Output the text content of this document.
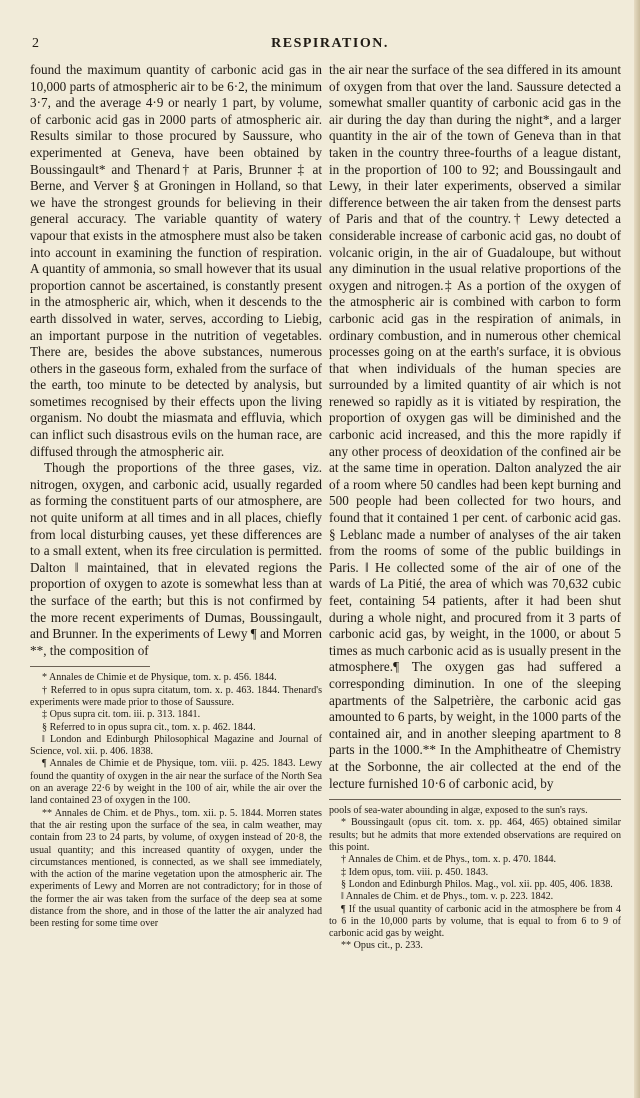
2	RESPIRATION.

found the maximum quantity of carbonic acid gas in 10,000 parts of atmospheric air to be 6·2, the minimum 3·7, and the average 4·9 or nearly 1 part, by volume, of carbonic acid gas in 2000 parts of atmospheric air. Results similar to those procured by Saussure, who experimented at Geneva, have been obtained by Boussingault* and Thenard† at Paris, Brunner ‡ at Berne, and Verver § at Groningen in Holland, so that we have the strongest grounds for believing in their general accuracy. The variable quantity of watery vapour that exists in the atmosphere must also be taken into account in examining the function of respiration. A quantity of ammonia, so small however that its usual proportion cannot be ascertained, is constantly present in the atmospheric air, which, when it descends to the earth dissolved in water, serves, according to Liebig, an important purpose in the nutrition of vegetables. There are, besides the above substances, numerous others in the gaseous form, exhaled from the surface of the earth, too minute to be detected by analysis, but sometimes recognised by their effects upon the living organism. No doubt the miasmata and effluvia, which can inflict such disastrous evils on the human race, are diffused through the atmospheric air.

Though the proportions of the three gases, viz. nitrogen, oxygen, and carbonic acid, usually regarded as forming the constituent parts of our atmosphere, are not quite uniform at all times and in all places, chiefly from local disturbing causes, yet these differences are to a small extent, when its free circulation is permitted. Dalton ‖ maintained, that in elevated regions the proportion of oxygen to azote is somewhat less than at the surface of the earth; but this is not confirmed by the more recent experiments of Dumas, Boussingault, and Brunner. In the experiments of Lewy ¶ and Morren **, the composition of

* Annales de Chimie et de Physique, tom. x. p. 456. 1844.

† Referred to in opus supra citatum, tom. x. p. 463. 1844. Thenard's experiments were made prior to those of Saussure.

‡ Opus supra cit. tom. iii. p. 313. 1841.

§ Referred to in opus supra cit., tom. x. p. 462. 1844.

‖ London and Edinburgh Philosophical Magazine and Journal of Science, vol. xii. p. 406. 1838.

¶ Annales de Chimie et de Physique, tom. viii. p. 425. 1843. Lewy found the quantity of oxygen in the air near the surface of the North Sea on an average 22·6 by weight in the 100 of air, while the air over the land contained 23 of oxygen in the 100.

** Annales de Chim. et de Phys., tom. xii. p. 5. 1844. Morren states that the air resting upon the surface of the sea, in calm weather, may contain from 23 to 24 parts, by volume, of oxygen instead of 20·8, the usual quantity; and this increased quantity of oxygen, under the circumstances mentioned, is connected, as we shall see immediately, with the action of the marine vegetation upon the atmospheric air. The experiments of Lewy and Morren are not contradictory; for in those of the former the air was taken from the surface of the deep sea at some distance from the shore, and in those of the latter the air analyzed had been resting for some time over

the air near the surface of the sea differed in its amount of oxygen from that over the land. Saussure detected a somewhat smaller quantity of carbonic acid gas in the air during the day than during the night*, and a larger quantity in the air of the town of Geneva than in that taken in the country three-fourths of a league distant, in the proportion of 100 to 92; and Boussingault and Lewy, in their later experiments, observed a similar difference between the air taken from the densest parts of Paris and that of the country.† Lewy detected a considerable increase of carbonic acid gas, no doubt of volcanic origin, in the air of Guadaloupe, but without any diminution in the usual relative proportions of the oxygen and nitrogen.‡ As a portion of the oxygen of the atmospheric air is combined with carbon to form carbonic acid gas in the respiration of animals, in ordinary combustion, and in numerous other chemical processes going on at the earth's surface, it is obvious that when individuals of the human species are surrounded by a limited quantity of air which is not renewed so rapidly as it is vitiated by respiration, the proportion of oxygen gas will be diminished and the carbonic acid increased, and this the more rapidly if any other process of deoxidation of the confined air be at the same time in operation. Dalton analyzed the air of a room where 50 candles had been kept burning and 500 people had been collected for two hours, and found that it contained 1 per cent. of carbonic acid gas. § Leblanc made a number of analyses of the air taken from the rooms of some of the public buildings in Paris. ‖ He collected some of the air of one of the wards of La Pitié, the area of which was 70,632 cubic feet, containing 54 patients, after it had been shut during a whole night, and procured from it 3 parts of carbonic acid gas, by weight, in the 1000, or about 5 times as much carbonic acid as is usually present in the atmosphere.¶ The oxygen gas had suffered a corresponding diminution. In one of the sleeping apartments of the Salpetrière, the carbonic acid gas amounted to 6 parts, by weight, in the 1000 parts of the contained air, and in another sleeping apartment to 8 parts in the 1000.** In the Amphitheatre of Chemistry at the Sorbonne, the air collected at the end of the lecture furnished 10·6 of carbonic acid, by

pools of sea-water abounding in algæ, exposed to the sun's rays.

* Boussingault (opus cit. tom. x. pp. 464, 465) obtained similar results; but he admits that more extended observations are required on this point.

† Annales de Chim. et de Phys., tom. x. p. 470. 1844.

‡ Idem opus, tom. viii. p. 450. 1843.

§ London and Edinburgh Philos. Mag., vol. xii. pp. 405, 406. 1838.

‖ Annales de Chim. et de Phys., tom. v. p. 223. 1842.

¶ If the usual quantity of carbonic acid in the atmosphere be from 4 to 6 in the 10,000 parts by volume, that is equal to from 6 to 9 of carbonic acid gas by weight.

** Opus cit., p. 233.
